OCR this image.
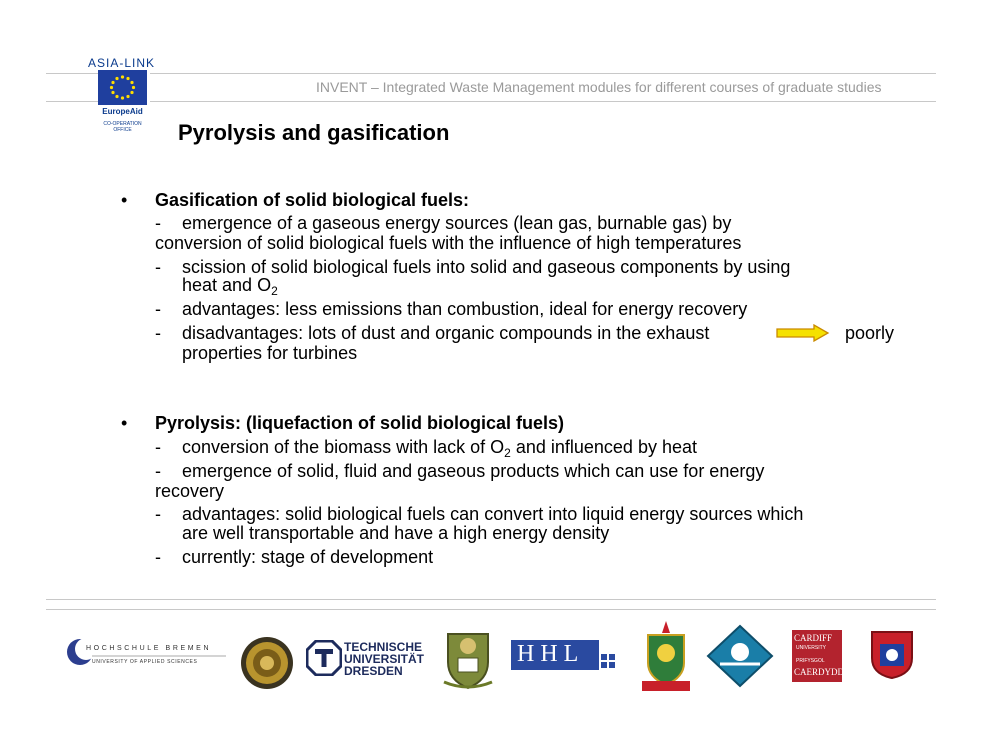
ASIA-LINK
EuropeAid
CO-OPERATION OFFICE
INVENT – Integrated Waste Management modules for different courses of graduate studies
Pyrolysis and gasification
• Gasification of solid biological fuels:
- emergence of a gaseous energy sources (lean gas, burnable gas) by
conversion of solid biological fuels with the influence of high temperatures
- scission of solid biological fuels into solid and gaseous components by using
heat and $O_2$
- advantages: less emissions than combustion, ideal for energy recovery
- disadvantages: lots of dust and organic compounds in the exhaust	poorly
properties for turbines
• Pyrolysis: (liquefaction of solid biological fuels)
- conversion of the biomass with lack of $O_2$ and influenced by heat
- emergence of solid, fluid and gaseous products which can use for energy
recovery
- advantages: solid biological fuels can convert into liquid energy sources which
are well transportable and have a high energy density
- currently: stage of development
HOCHSCHULE BREMEN
UNIVERSITY OF APPLIED SCIENCES
TECHNISCHE
UNIVERSITÄT
DRESDEN
HHL
CARDIFF
UNIVERSITY
PRIFYSGOL
CAERDYDD
